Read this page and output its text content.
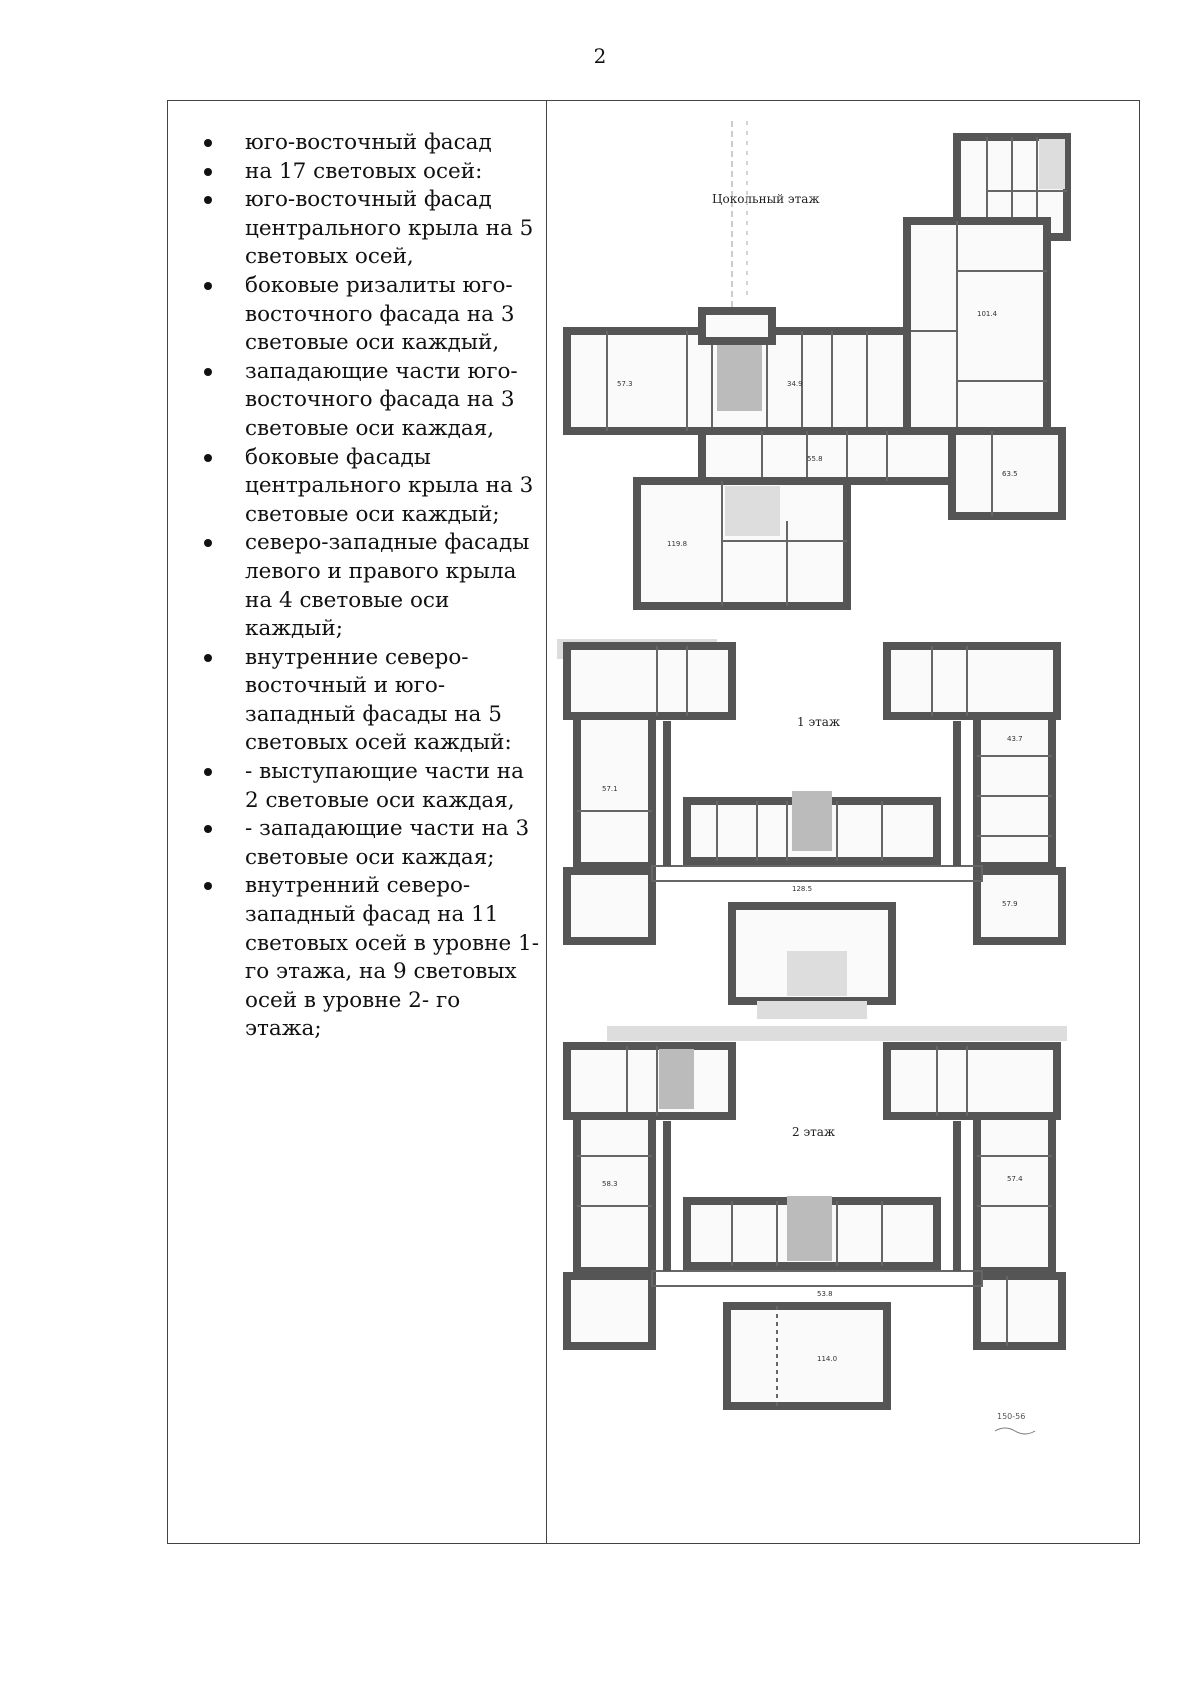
2
юго-восточный фасад
на 17 световых осей:
юго-восточный фасад центрального крыла на 5 световых осей,
боковые ризалиты юго-восточного фасада на 3 световые оси каждый,
западающие части юго-восточного фасада на 3 световые оси каждая,
боковые фасады центрального крыла на 3 световые оси каждый;
северо-западные фасады левого и правого крыла на 4 световые оси каждый;
внутренние северо-восточный и юго-западный фасады на 5 световых осей каждый:
- выступающие части на 2 световые оси каждая,
- западающие части на 3 световые оси каждая;
внутренний северо-западный фасад на 11 световых осей в уровне 1-го этажа, на 9 световых осей в уровне 2- го этажа;
Цокольный этаж
57.3	34.9
101.4
63.5
119.8
55.8
1 этаж
57.1
43.7
57.9
128.5
2 этаж
58.3
57.4
53.8
114.0
150-56
